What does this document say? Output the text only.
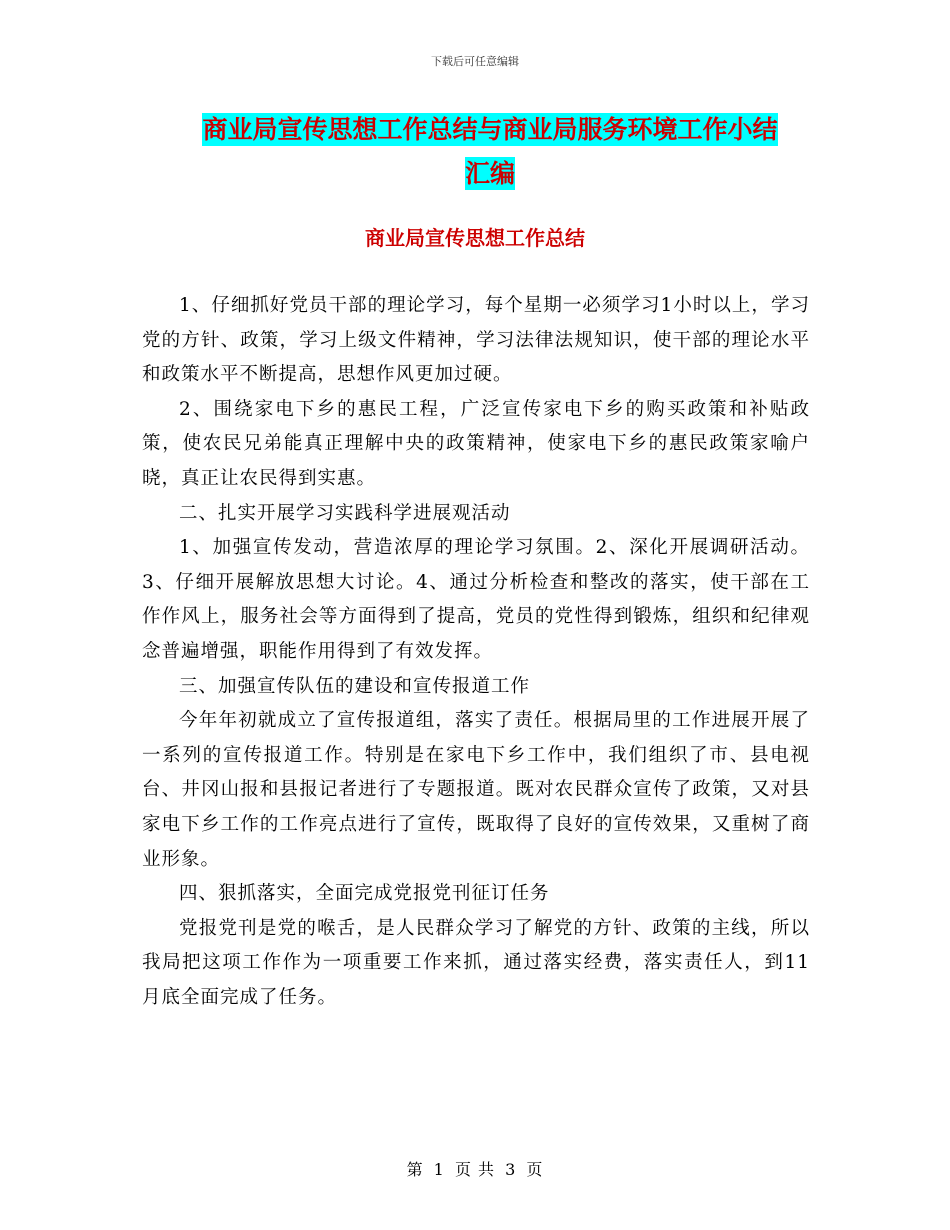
下载后可任意编辑
商业局宣传思想工作总结与商业局服务环境工作小结
汇编
商业局宣传思想工作总结

1、仔细抓好党员干部的理论学习，每个星期一必须学习1小时以上，学习党的方针、政策，学习上级文件精神，学习法律法规知识，使干部的理论水平和政策水平不断提高，思想作风更加过硬。

2、围绕家电下乡的惠民工程，广泛宣传家电下乡的购买政策和补贴政策，使农民兄弟能真正理解中央的政策精神，使家电下乡的惠民政策家喻户晓，真正让农民得到实惠。

二、扎实开展学习实践科学进展观活动

1、加强宣传发动，营造浓厚的理论学习氛围。2、深化开展调研活动。3、仔细开展解放思想大讨论。4、通过分析检查和整改的落实，使干部在工作作风上，服务社会等方面得到了提高，党员的党性得到锻炼，组织和纪律观念普遍增强，职能作用得到了有效发挥。

三、加强宣传队伍的建设和宣传报道工作

今年年初就成立了宣传报道组，落实了责任。根据局里的工作进展开展了一系列的宣传报道工作。特别是在家电下乡工作中，我们组织了市、县电视台、井冈山报和县报记者进行了专题报道。既对农民群众宣传了政策，又对县家电下乡工作的工作亮点进行了宣传，既取得了良好的宣传效果，又重树了商业形象。

四、狠抓落实，全面完成党报党刊征订任务

党报党刊是党的喉舌，是人民群众学习了解党的方针、政策的主线，所以我局把这项工作作为一项重要工作来抓，通过落实经费，落实责任人，到11月底全面完成了任务。

第 1 页 共 3 页
